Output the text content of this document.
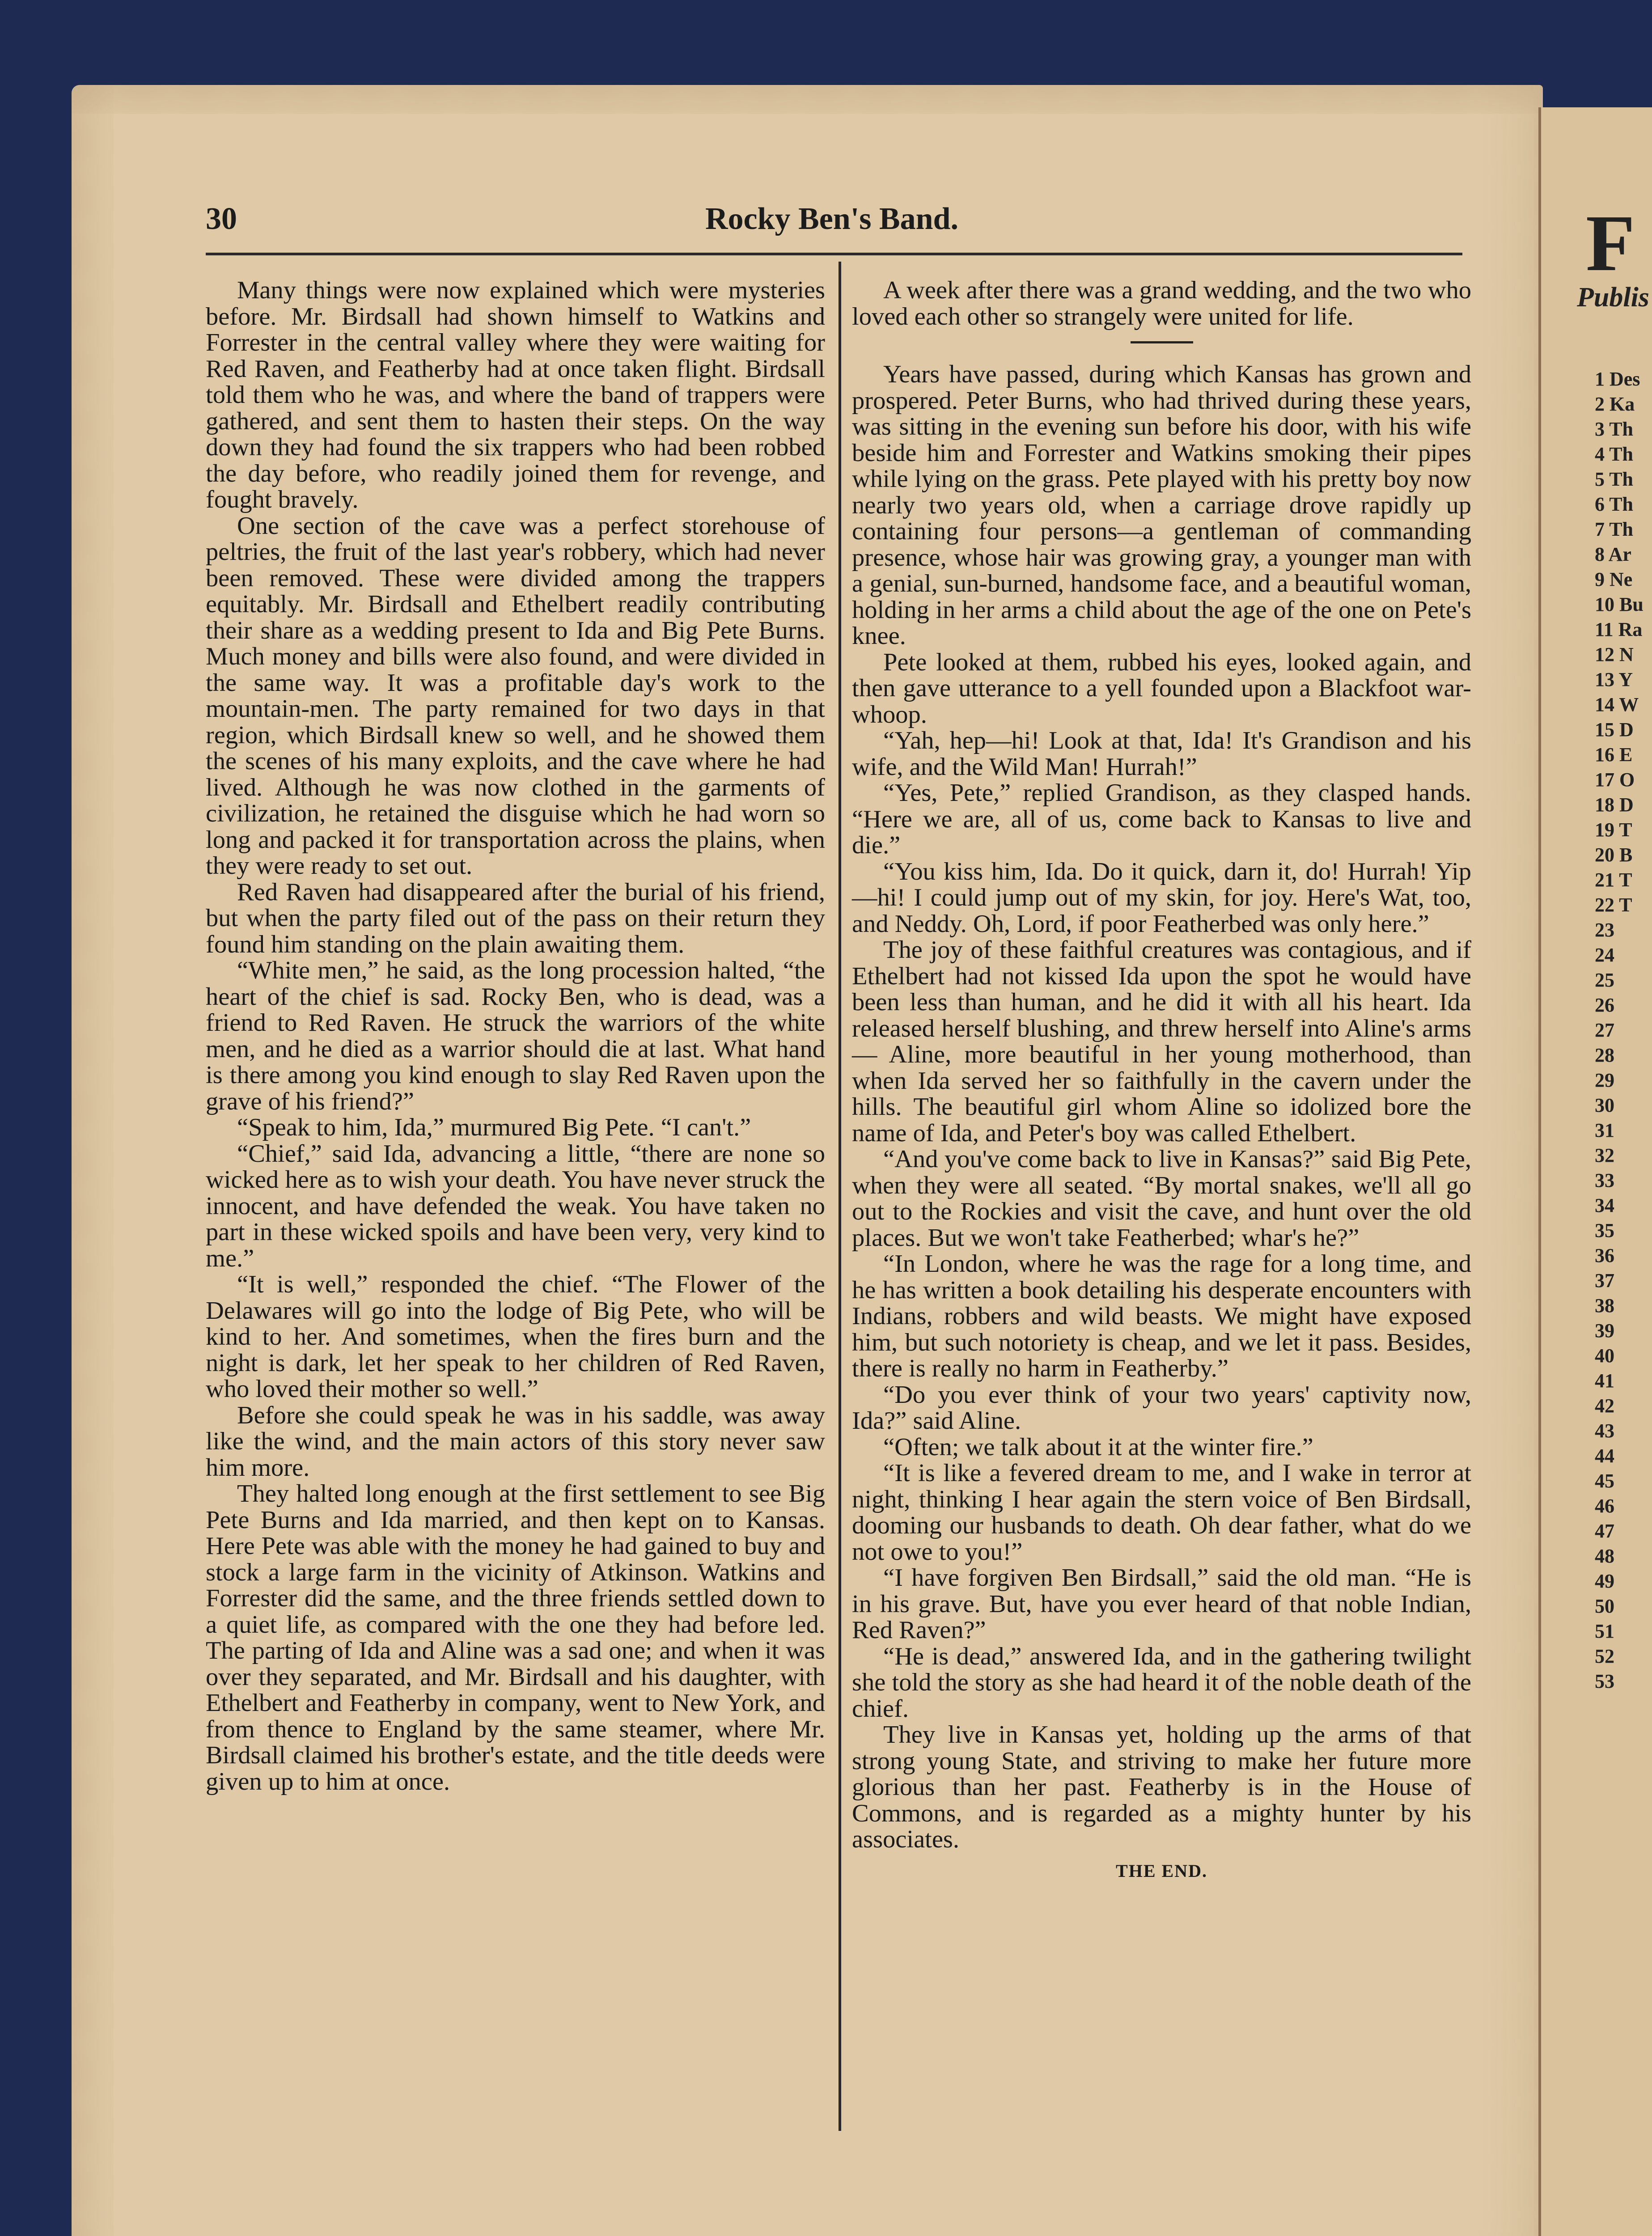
F
Publis
1 Des
2 Ka
3 Th
4 Th
5 Th
6 Th
7 Th
8 Ar
9 Ne
10 Bu
11 Ra
12 N
13 Y
14 W
15 D
16 E
17 O
18 D
19 T
20 B
21 T
22 T
23
24
25
26
27
28
29
30
31
32
33
34
35
36
37
38
39
40
41
42
43
44
45
46
47
48
49
50
51
52
53
30	Rocky Ben's Band.

Many things were now explained which were mysteries before. Mr. Birdsall had shown himself to Watkins and Forrester in the central valley where they were waiting for Red Raven, and Featherby had at once taken flight. Birdsall told them who he was, and where the band of trappers were gathered, and sent them to hasten their steps. On the way down they had found the six trappers who had been robbed the day before, who readily joined them for revenge, and fought bravely.

One section of the cave was a perfect storehouse of peltries, the fruit of the last year's robbery, which had never been removed. These were divided among the trappers equitably. Mr. Birdsall and Ethelbert readily contributing their share as a wedding present to Ida and Big Pete Burns. Much money and bills were also found, and were divided in the same way. It was a profitable day's work to the mountain-men. The party remained for two days in that region, which Birdsall knew so well, and he showed them the scenes of his many exploits, and the cave where he had lived. Although he was now clothed in the garments of civilization, he retained the disguise which he had worn so long and packed it for transportation across the plains, when they were ready to set out.

Red Raven had disappeared after the burial of his friend, but when the party filed out of the pass on their return they found him standing on the plain awaiting them.

“White men,” he said, as the long procession halted, “the heart of the chief is sad. Rocky Ben, who is dead, was a friend to Red Raven. He struck the warriors of the white men, and he died as a warrior should die at last. What hand is there among you kind enough to slay Red Raven upon the grave of his friend?”

“Speak to him, Ida,” murmured Big Pete. “I can't.”

“Chief,” said Ida, advancing a little, “there are none so wicked here as to wish your death. You have never struck the innocent, and have defended the weak. You have taken no part in these wicked spoils and have been very, very kind to me.”

“It is well,” responded the chief. “The Flower of the Delawares will go into the lodge of Big Pete, who will be kind to her. And sometimes, when the fires burn and the night is dark, let her speak to her children of Red Raven, who loved their mother so well.”

Before she could speak he was in his saddle, was away like the wind, and the main actors of this story never saw him more.

They halted long enough at the first settlement to see Big Pete Burns and Ida married, and then kept on to Kansas. Here Pete was able with the money he had gained to buy and stock a large farm in the vicinity of Atkinson. Watkins and Forrester did the same, and the three friends settled down to a quiet life, as compared with the one they had before led. The parting of Ida and Aline was a sad one; and when it was over they separated, and Mr. Birdsall and his daughter, with Ethelbert and Featherby in company, went to New York, and from thence to England by the same steamer, where Mr. Birdsall claimed his brother's estate, and the title deeds were given up to him at once.

A week after there was a grand wedding, and the two who loved each other so strangely were united for life.

Years have passed, during which Kansas has grown and prospered. Peter Burns, who had thrived during these years, was sitting in the evening sun before his door, with his wife beside him and Forrester and Watkins smoking their pipes while lying on the grass. Pete played with his pretty boy now nearly two years old, when a carriage drove rapidly up containing four persons—a gentleman of commanding presence, whose hair was growing gray, a younger man with a genial, sun-burned, handsome face, and a beautiful woman, holding in her arms a child about the age of the one on Pete's knee.

Pete looked at them, rubbed his eyes, looked again, and then gave utterance to a yell founded upon a Blackfoot war-whoop.

“Yah, hep—hi! Look at that, Ida! It's Grandison and his wife, and the Wild Man! Hurrah!”

“Yes, Pete,” replied Grandison, as they clasped hands. “Here we are, all of us, come back to Kansas to live and die.”

“You kiss him, Ida. Do it quick, darn it, do! Hurrah! Yip—hi! I could jump out of my skin, for joy. Here's Wat, too, and Neddy. Oh, Lord, if poor Featherbed was only here.”

The joy of these faithful creatures was contagious, and if Ethelbert had not kissed Ida upon the spot he would have been less than human, and he did it with all his heart. Ida released herself blushing, and threw herself into Aline's arms — Aline, more beautiful in her young motherhood, than when Ida served her so faithfully in the cavern under the hills. The beautiful girl whom Aline so idolized bore the name of Ida, and Peter's boy was called Ethelbert.

“And you've come back to live in Kansas?” said Big Pete, when they were all seated. “By mortal snakes, we'll all go out to the Rockies and visit the cave, and hunt over the old places. But we won't take Featherbed; whar's he?”

“In London, where he was the rage for a long time, and he has written a book detailing his desperate encounters with Indians, robbers and wild beasts. We might have exposed him, but such notoriety is cheap, and we let it pass. Besides, there is really no harm in Featherby.”

“Do you ever think of your two years' captivity now, Ida?” said Aline.

“Often; we talk about it at the winter fire.”

“It is like a fevered dream to me, and I wake in terror at night, thinking I hear again the stern voice of Ben Birdsall, dooming our husbands to death. Oh dear father, what do we not owe to you!”

“I have forgiven Ben Birdsall,” said the old man. “He is in his grave. But, have you ever heard of that noble Indian, Red Raven?”

“He is dead,” answered Ida, and in the gathering twilight she told the story as she had heard it of the noble death of the chief.

They live in Kansas yet, holding up the arms of that strong young State, and striving to make her future more glorious than her past. Featherby is in the House of Commons, and is regarded as a mighty hunter by his associates.

THE END.
